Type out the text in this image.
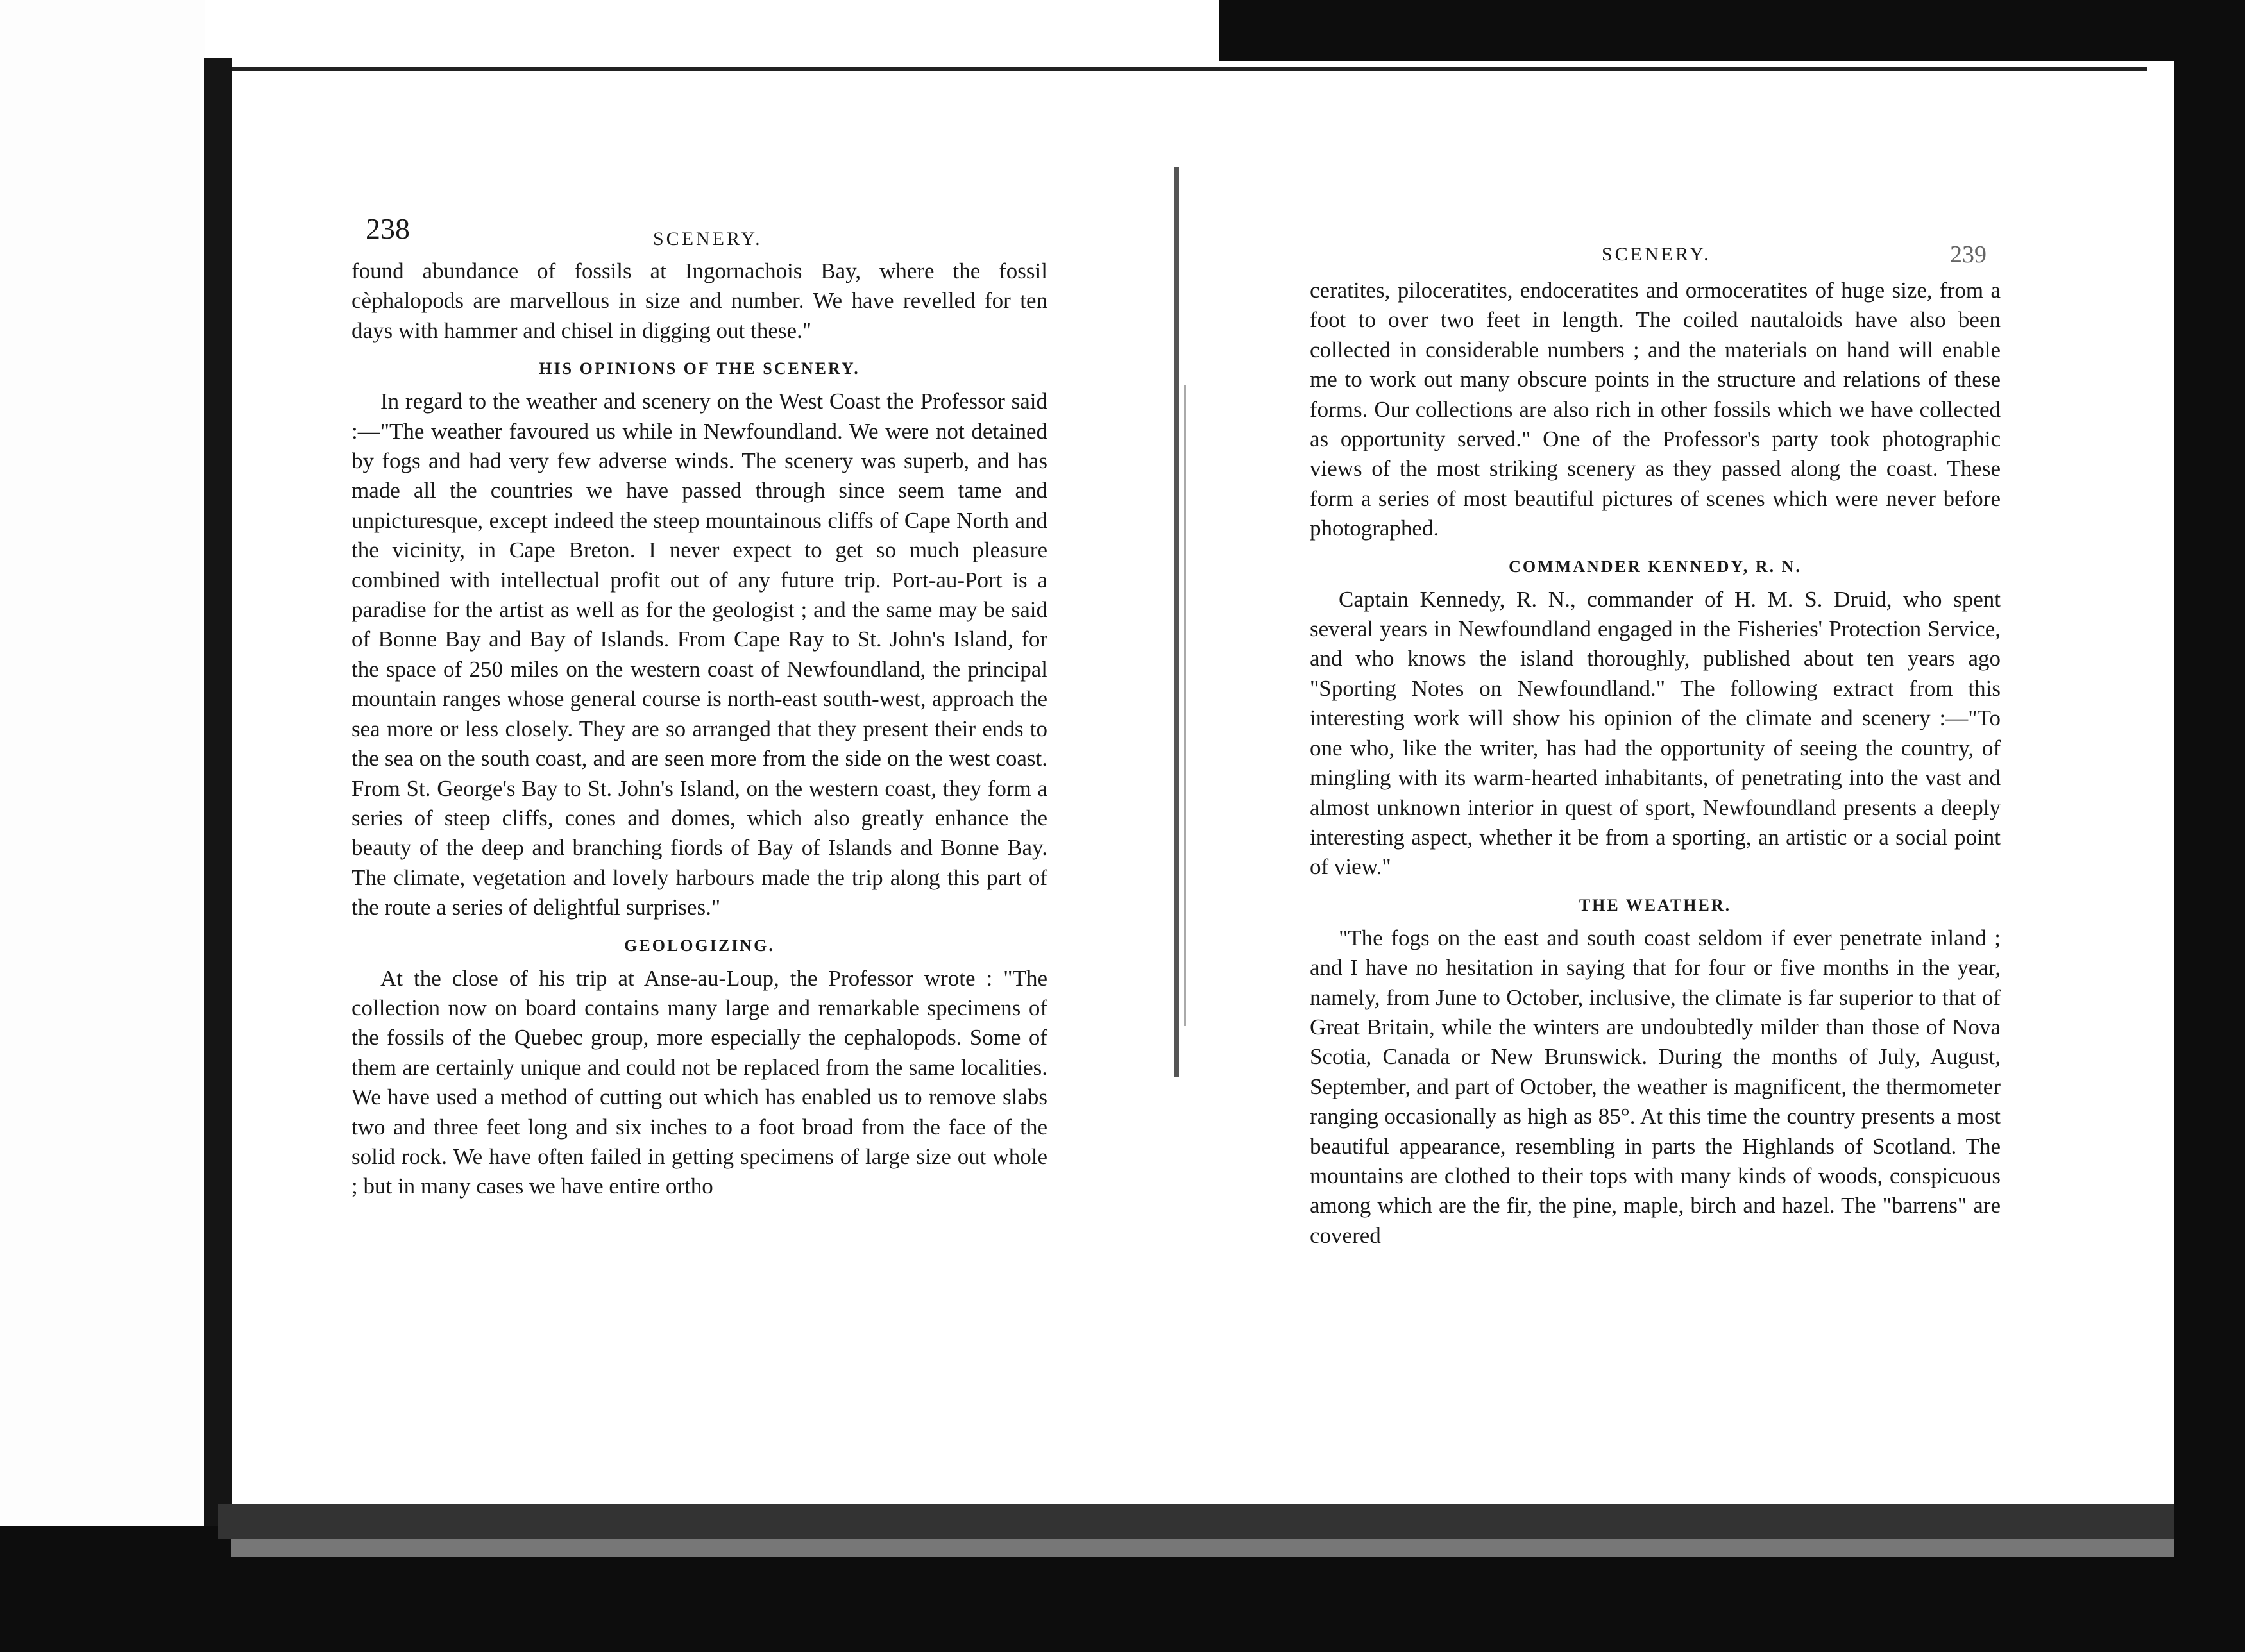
238	SCENERY.

found abundance of fossils at Ingornachois Bay, where the fossil cèphalopods are marvellous in size and number. We have revelled for ten days with hammer and chisel in digging out these."

HIS OPINIONS OF THE SCENERY.

In regard to the weather and scenery on the West Coast the Professor said :—"The weather favoured us while in Newfoundland. We were not detained by fogs and had very few adverse winds. The scenery was superb, and has made all the countries we have passed through since seem tame and unpicturesque, except indeed the steep mountainous cliffs of Cape North and the vicinity, in Cape Breton. I never expect to get so much pleasure combined with intellectual profit out of any future trip. Port-au-Port is a paradise for the artist as well as for the geologist ; and the same may be said of Bonne Bay and Bay of Islands. From Cape Ray to St. John's Island, for the space of 250 miles on the western coast of Newfoundland, the principal mountain ranges whose general course is north-east south-west, approach the sea more or less closely. They are so arranged that they present their ends to the sea on the south coast, and are seen more from the side on the west coast. From St. George's Bay to St. John's Island, on the western coast, they form a series of steep cliffs, cones and domes, which also greatly enhance the beauty of the deep and branching fiords of Bay of Islands and Bonne Bay. The climate, vegetation and lovely harbours made the trip along this part of the route a series of delightful surprises."

GEOLOGIZING.

At the close of his trip at Anse-au-Loup, the Professor wrote : "The collection now on board contains many large and remarkable specimens of the fossils of the Quebec group, more especially the cephalopods. Some of them are certainly unique and could not be replaced from the same localities. We have used a method of cutting out which has enabled us to remove slabs two and three feet long and six inches to a foot broad from the face of the solid rock. We have often failed in getting specimens of large size out whole ; but in many cases we have entire ortho

SCENERY.	239

ceratites, piloceratites, endoceratites and ormoceratites of huge size, from a foot to over two feet in length. The coiled nautaloids have also been collected in considerable numbers ; and the materials on hand will enable me to work out many obscure points in the structure and relations of these forms. Our collections are also rich in other fossils which we have collected as opportunity served." One of the Professor's party took photographic views of the most striking scenery as they passed along the coast. These form a series of most beautiful pictures of scenes which were never before photographed.

COMMANDER KENNEDY, R. N.

Captain Kennedy, R. N., commander of H. M. S. Druid, who spent several years in Newfoundland engaged in the Fisheries' Protection Service, and who knows the island thoroughly, published about ten years ago "Sporting Notes on Newfoundland." The following extract from this interesting work will show his opinion of the climate and scenery :—"To one who, like the writer, has had the opportunity of seeing the country, of mingling with its warm-hearted inhabitants, of penetrating into the vast and almost unknown interior in quest of sport, Newfoundland presents a deeply interesting aspect, whether it be from a sporting, an artistic or a social point of view."

THE WEATHER.

"The fogs on the east and south coast seldom if ever penetrate inland ; and I have no hesitation in saying that for four or five months in the year, namely, from June to October, inclusive, the climate is far superior to that of Great Britain, while the winters are undoubtedly milder than those of Nova Scotia, Canada or New Brunswick. During the months of July, August, September, and part of October, the weather is magnificent, the thermometer ranging occasionally as high as 85°. At this time the country presents a most beautiful appearance, resembling in parts the Highlands of Scotland. The mountains are clothed to their tops with many kinds of woods, conspicuous among which are the fir, the pine, maple, birch and hazel. The "barrens" are covered
